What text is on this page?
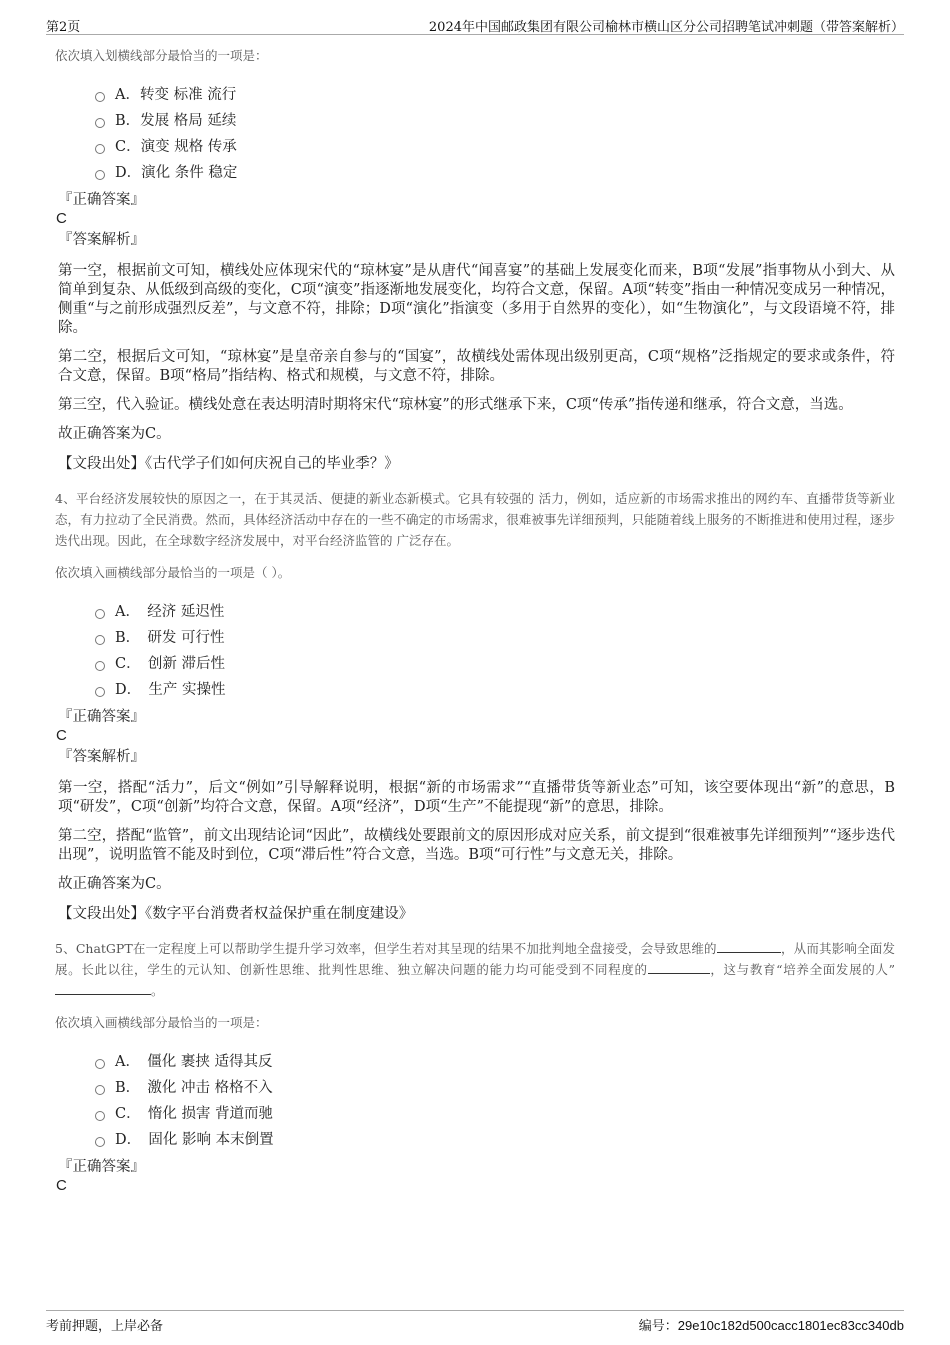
第2页	2024年中国邮政集团有限公司榆林市横山区分公司招聘笔试冲刺题（带答案解析）
依次填入划横线部分最恰当的一项是：
A．转变 标准 流行
B．发展 格局 延续
C．演变 规格 传承
D．演化 条件 稳定
『正确答案』
C
『答案解析』

第一空，根据前文可知，横线处应体现宋代的“琼林宴”是从唐代“闻喜宴”的基础上发展变化而来，B项“发展”指事物从小到大、从简单到复杂、从低级到高级的变化，C项“演变”指逐渐地发展变化，均符合文意，保留。A项“转变”指由一种情况变成另一种情况，侧重“与之前形成强烈反差”，与文意不符，排除；D项“演化”指演变（多用于自然界的变化），如“生物演化”，与文段语境不符，排除。

第二空，根据后文可知，“琼林宴”是皇帝亲自参与的“国宴”，故横线处需体现出级别更高，C项“规格”泛指规定的要求或条件，符合文意，保留。B项“格局”指结构、格式和规模，与文意不符，排除。

第三空，代入验证。横线处意在表达明清时期将宋代“琼林宴”的形式继承下来，C项“传承”指传递和继承，符合文意，当选。

故正确答案为C。

【文段出处】《古代学子们如何庆祝自己的毕业季？》
4、平台经济发展较快的原因之一，在于其灵活、便捷的新业态新模式。它具有较强的 活力，例如，适应新的市场需求推出的网约车、直播带货等新业态，有力拉动了全民消费。然而，具体经济活动中存在的一些不确定的市场需求，很难被事先详细预判，只能随着线上服务的不断推进和使用过程，逐步迭代出现。因此，在全球数字经济发展中，对平台经济监管的 广泛存在。
依次填入画横线部分最恰当的一项是（ ）。
A．　经济 延迟性
B．　研发 可行性
C．　创新 滞后性
D．　生产 实操性
『正确答案』
C
『答案解析』

第一空，搭配“活力”，后文“例如”引导解释说明，根据“新的市场需求”“直播带货等新业态”可知，该空要体现出“新”的意思，B项“研发”，C项“创新”均符合文意，保留。A项“经济”，D项“生产”不能提现“新”的意思，排除。

第二空，搭配“监管”，前文出现结论词“因此”，故横线处要跟前文的原因形成对应关系，前文提到“很难被事先详细预判”“逐步迭代出现”，说明监管不能及时到位，C项“滞后性”符合文意，当选。B项“可行性”与文意无关，排除。

故正确答案为C。

【文段出处】《数字平台消费者权益保护重在制度建设》
5、ChatGPT在一定程度上可以帮助学生提升学习效率，但学生若对其呈现的结果不加批判地全盘接受，会导致思维的	，从而其影响全面发展。长此以往，学生的元认知、创新性思维、批判性思维、独立解决问题的能力均可能受到不同程度的	，这与教育“培养全面发展的人”。
依次填入画横线部分最恰当的一项是：
A．　僵化 裹挟 适得其反
B．　激化 冲击 格格不入
C．　惰化 损害 背道而驰
D．　固化 影响 本末倒置
『正确答案』
C
考前押题，上岸必备	编号：29e10c182d500cacc1801ec83cc340db
